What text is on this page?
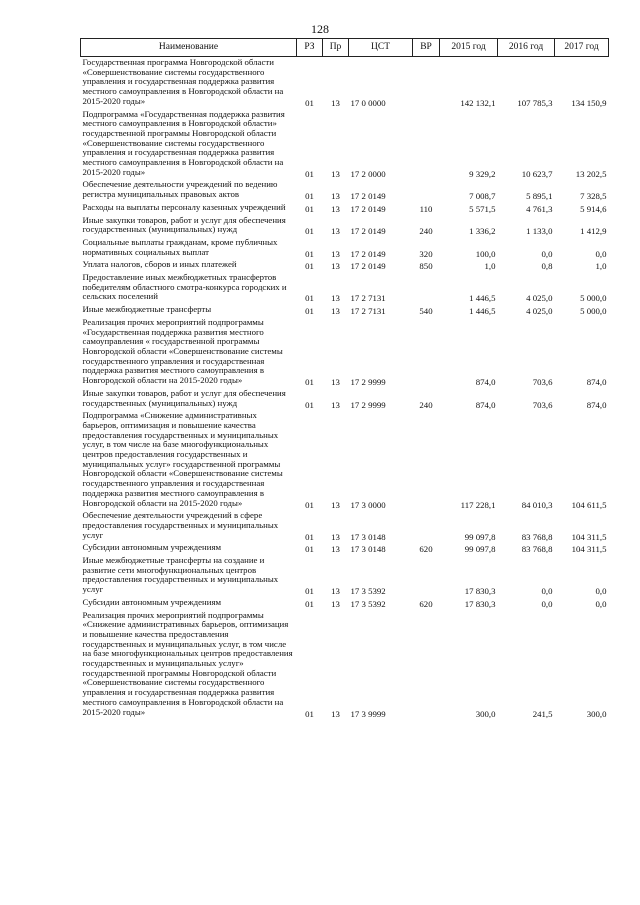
128
Наименование	РЗ	Пр	ЦСТ	ВР	2015 год	2016 год	2017 год
Государственная программа Новгородской области «Совершенствование системы государственного управления и государственная поддержка развития местного самоуправления в Новгородской области на 2015-2020 годы»	01	13	17 0 0000		142 132,1	107 785,3	134 150,9
Подпрограмма «Государственная поддержка развития местного самоуправления в Новгородской области» государственной программы Новгородской области «Совершенствование системы государственного управления и государственная поддержка развития местного самоуправления в Новгородской области на 2015-2020 годы»	01	13	17 2 0000		9 329,2	10 623,7	13 202,5
Обеспечение деятельности учреждений по ведению регистра муниципальных правовых актов	01	13	17 2 0149		7 008,7	5 895,1	7 328,5
Расходы на выплаты персоналу казенных учреждений	01	13	17 2 0149	110	5 571,5	4 761,3	5 914,6
Иные закупки товаров, работ и услуг для обеспечения государственных (муниципальных) нужд	01	13	17 2 0149	240	1 336,2	1 133,0	1 412,9
Социальные выплаты гражданам, кроме публичных нормативных социальных выплат	01	13	17 2 0149	320	100,0	0,0	0,0
Уплата налогов, сборов и иных платежей	01	13	17 2 0149	850	1,0	0,8	1,0
Предоставление иных межбюджетных трансфертов победителям областного смотра-конкурса городских и сельских поселений	01	13	17 2 7131		1 446,5	4 025,0	5 000,0
Иные межбюджетные трансферты	01	13	17 2 7131	540	1 446,5	4 025,0	5 000,0
Реализация прочих мероприятий подпрограммы «Государственная поддержка развития местного самоуправления « государственной программы Новгородской области «Совершенствование системы государственного управления и государственная поддержка развития местного самоуправления в Новгородской области на 2015-2020 годы»	01	13	17 2 9999		874,0	703,6	874,0
Иные закупки товаров, работ и услуг для обеспечения государственных (муниципальных) нужд	01	13	17 2 9999	240	874,0	703,6	874,0
Подпрограмма «Снижение административных барьеров, оптимизация и повышение качества предоставления государственных и муниципальных услуг, в том числе на базе многофункциональных центров предоставления государственных и муниципальных услуг» государственной программы Новгородской области «Совершенствование системы государственного управления и государственная поддержка развития местного самоуправления в Новгородской области на 2015-2020 годы»	01	13	17 3 0000		117 228,1	84 010,3	104 611,5
Обеспечение деятельности учреждений в сфере предоставления государственных и муниципальных услуг	01	13	17 3 0148		99 097,8	83 768,8	104 311,5
Субсидии автономным учреждениям	01	13	17 3 0148	620	99 097,8	83 768,8	104 311,5
Иные межбюджетные трансферты на создание и развитие сети многофункциональных центров предоставления государственных и муниципальных услуг	01	13	17 3 5392		17 830,3	0,0	0,0
Субсидии автономным учреждениям	01	13	17 3 5392	620	17 830,3	0,0	0,0
Реализация прочих мероприятий подпрограммы «Снижение административных барьеров, оптимизация и повышение качества предоставления государственных и муниципальных услуг, в том числе на базе многофункциональных центров предоставления государственных и муниципальных услуг» государственной программы Новгородской области «Совершенствование системы государственного управления и государственная поддержка развития местного самоуправления в Новгородской области на 2015-2020 годы»	01	13	17 3 9999		300,0	241,5	300,0
